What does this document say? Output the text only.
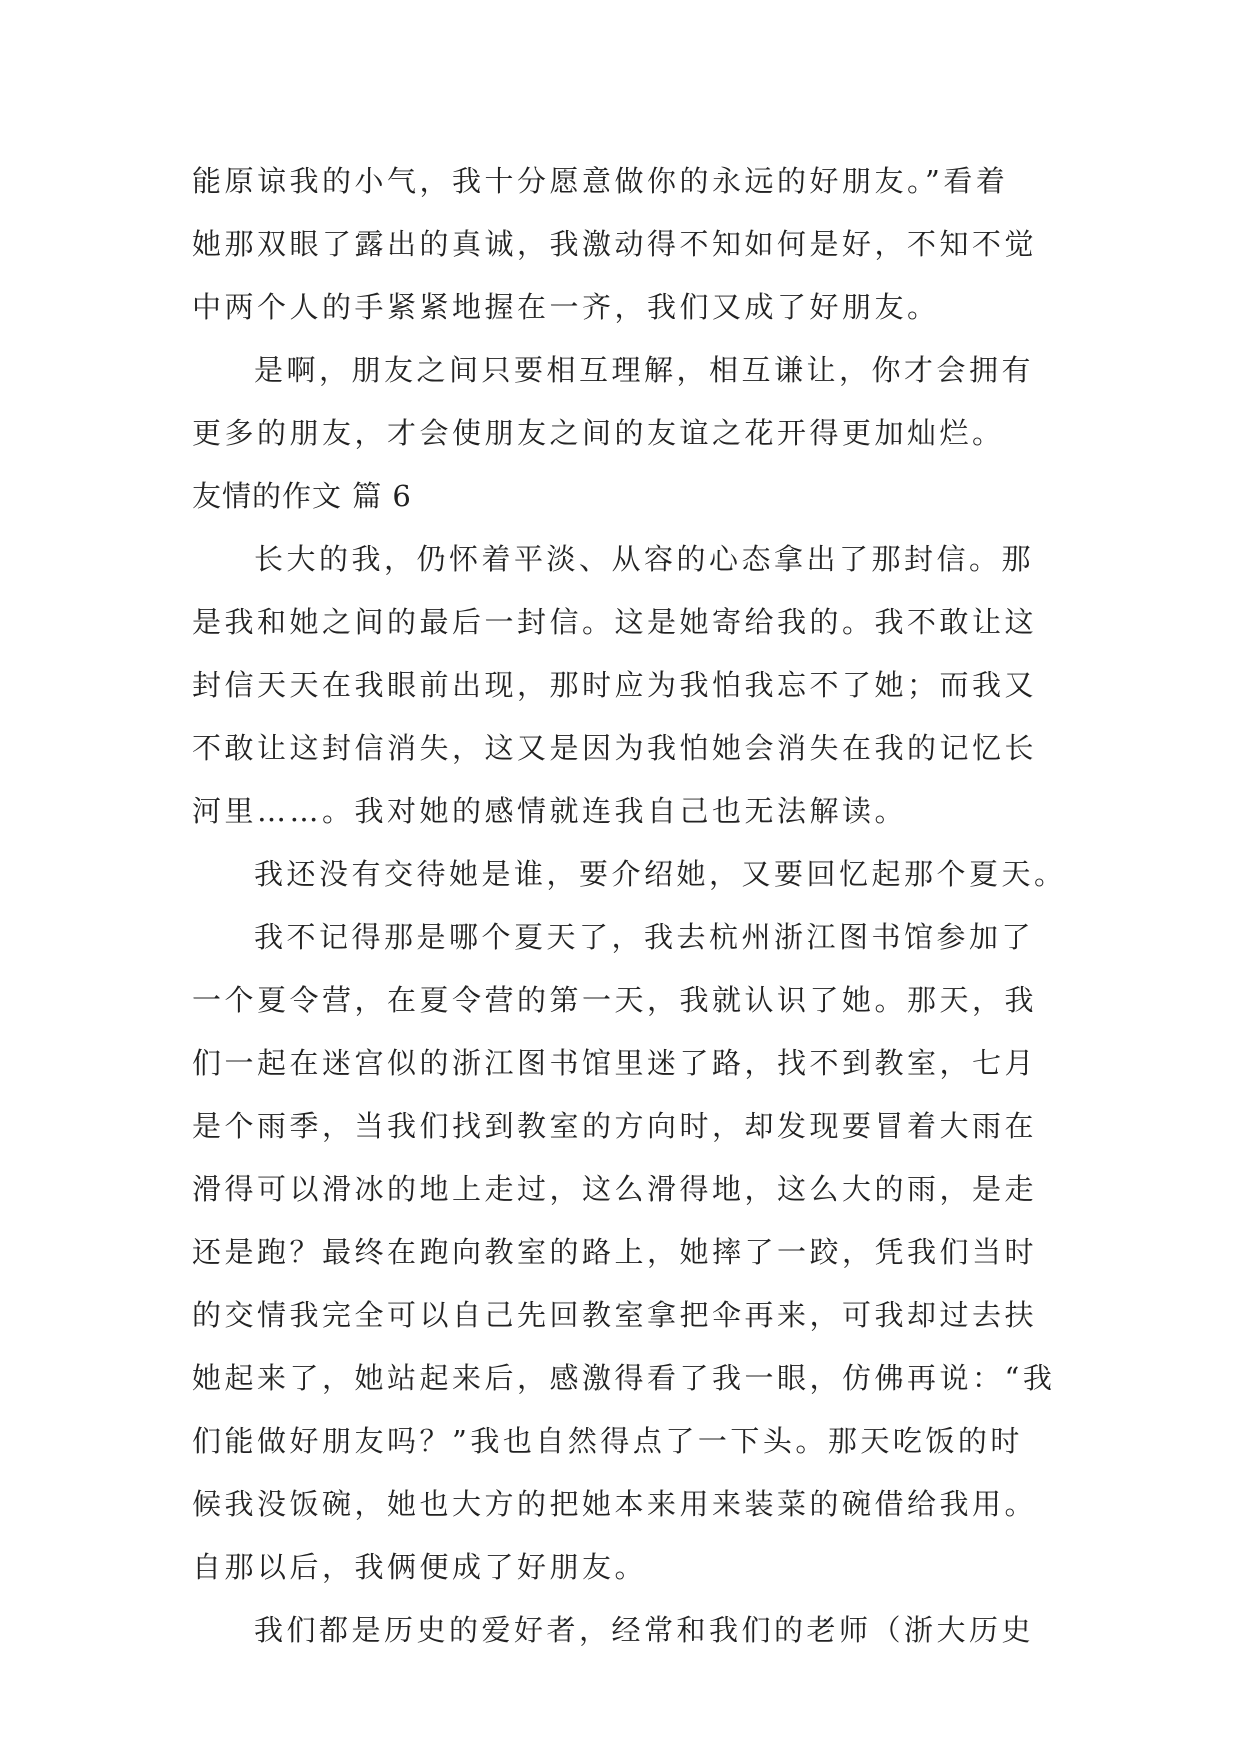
能原谅我的小气，我十分愿意做你的永远的好朋友。”看着
她那双眼了露出的真诚，我激动得不知如何是好，不知不觉
中两个人的手紧紧地握在一齐，我们又成了好朋友。
是啊，朋友之间只要相互理解，相互谦让，你才会拥有
更多的朋友，才会使朋友之间的友谊之花开得更加灿烂。
友情的作文 篇 6
长大的我，仍怀着平淡、从容的心态拿出了那封信。那
是我和她之间的最后一封信。这是她寄给我的。我不敢让这
封信天天在我眼前出现，那时应为我怕我忘不了她；而我又
不敢让这封信消失，这又是因为我怕她会消失在我的记忆长
河里……。我对她的感情就连我自己也无法解读。
我还没有交待她是谁，要介绍她，又要回忆起那个夏天。
我不记得那是哪个夏天了，我去杭州浙江图书馆参加了
一个夏令营，在夏令营的第一天，我就认识了她。那天，我
们一起在迷宫似的浙江图书馆里迷了路，找不到教室，七月
是个雨季，当我们找到教室的方向时，却发现要冒着大雨在
滑得可以滑冰的地上走过，这么滑得地，这么大的雨，是走
还是跑？最终在跑向教室的路上，她摔了一跤，凭我们当时
的交情我完全可以自己先回教室拿把伞再来，可我却过去扶
她起来了，她站起来后，感激得看了我一眼，仿佛再说：“我
们能做好朋友吗？”我也自然得点了一下头。那天吃饭的时
候我没饭碗，她也大方的把她本来用来装菜的碗借给我用。
自那以后，我俩便成了好朋友。
我们都是历史的爱好者，经常和我们的老师（浙大历史
